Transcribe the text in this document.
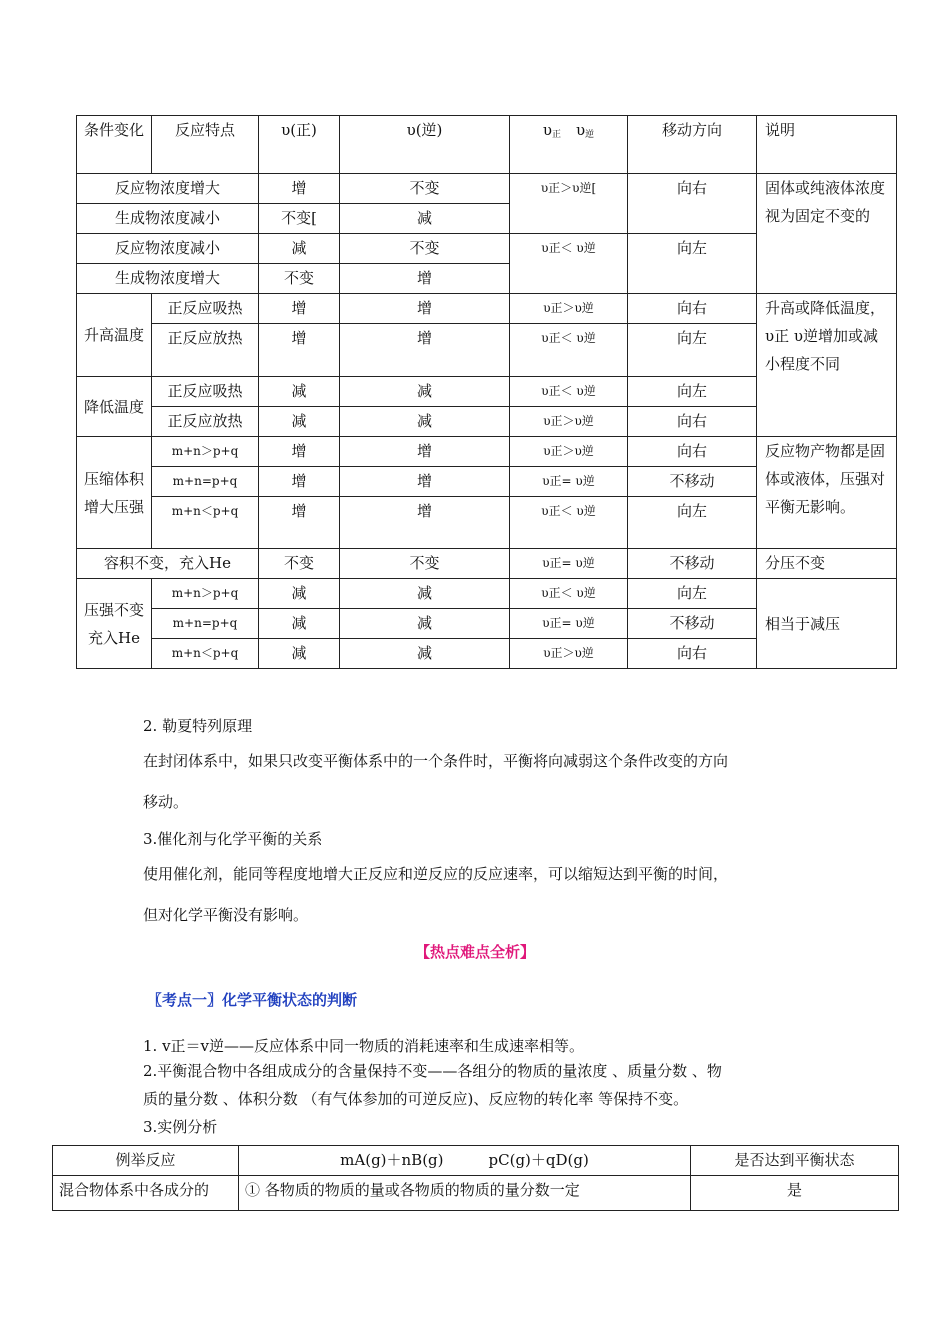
条件变化	反应特点	υ(正)	υ(逆)	$\upsilon_正$　 $\upsilon_逆$	移动方向	说明
反应物浓度增大		增	不变	υ正＞υ逆[	向右	固体或纯液体浓度视为固定不变的
生成物浓度减小		不变[	减			
反应物浓度减小		减	不变	υ正＜ υ逆	向左	
生成物浓度增大		不变	增			
升高温度	正反应吸热	增	增	υ正＞υ逆	向右	升高或降低温度，υ正 υ逆增加或减小程度不同
	正反应放热	增	增	υ正＜ υ逆	向左	
降低温度	正反应吸热	减	减	υ正＜ υ逆	向左	
	正反应放热	减	减	υ正＞υ逆	向右	
压缩体积增大压强	m+n＞p+q	增	增	υ正＞υ逆	向右	反应物产物都是固体或液体，压强对平衡无影响。
	m+n=p+q	增	增	υ正= υ逆	不移动	
	m+n＜p+q	增	增	υ正＜ υ逆	向左	
容积不变，充入He		不变	不变	υ正= υ逆	不移动	分压不变
压强不变充入He	m+n＞p+q	减	减	υ正＜ υ逆	向左	相当于减压
	m+n=p+q	减	减	υ正= υ逆	不移动	
	m+n＜p+q	减	减	υ正＞υ逆	向右	

2. 勒夏特列原理

在封闭体系中，如果只改变平衡体系中的一个条件时，平衡将向减弱这个条件改变的方向

移动。

3.催化剂与化学平衡的关系

使用催化剂，能同等程度地增大正反应和逆反应的反应速率，可以缩短达到平衡的时间，

但对化学平衡没有影响。

【热点难点全析】

〖考点一〗化学平衡状态的判断

1. v正＝v逆——反应体系中同一物质的消耗速率和生成速率相等。

2.平衡混合物中各组成成分的含量保持不变——各组分的物质的量浓度 、质量分数 、物

质的量分数 、体积分数 （有气体参加的可逆反应)、反应物的转化率 等保持不变。

3.实例分析

例举反应	mA(g)＋nB(g)　　　pC(g)＋qD(g)	是否达到平衡状态
混合物体系中各成分的	① 各物质的物质的量或各物质的物质的量分数一定	是
